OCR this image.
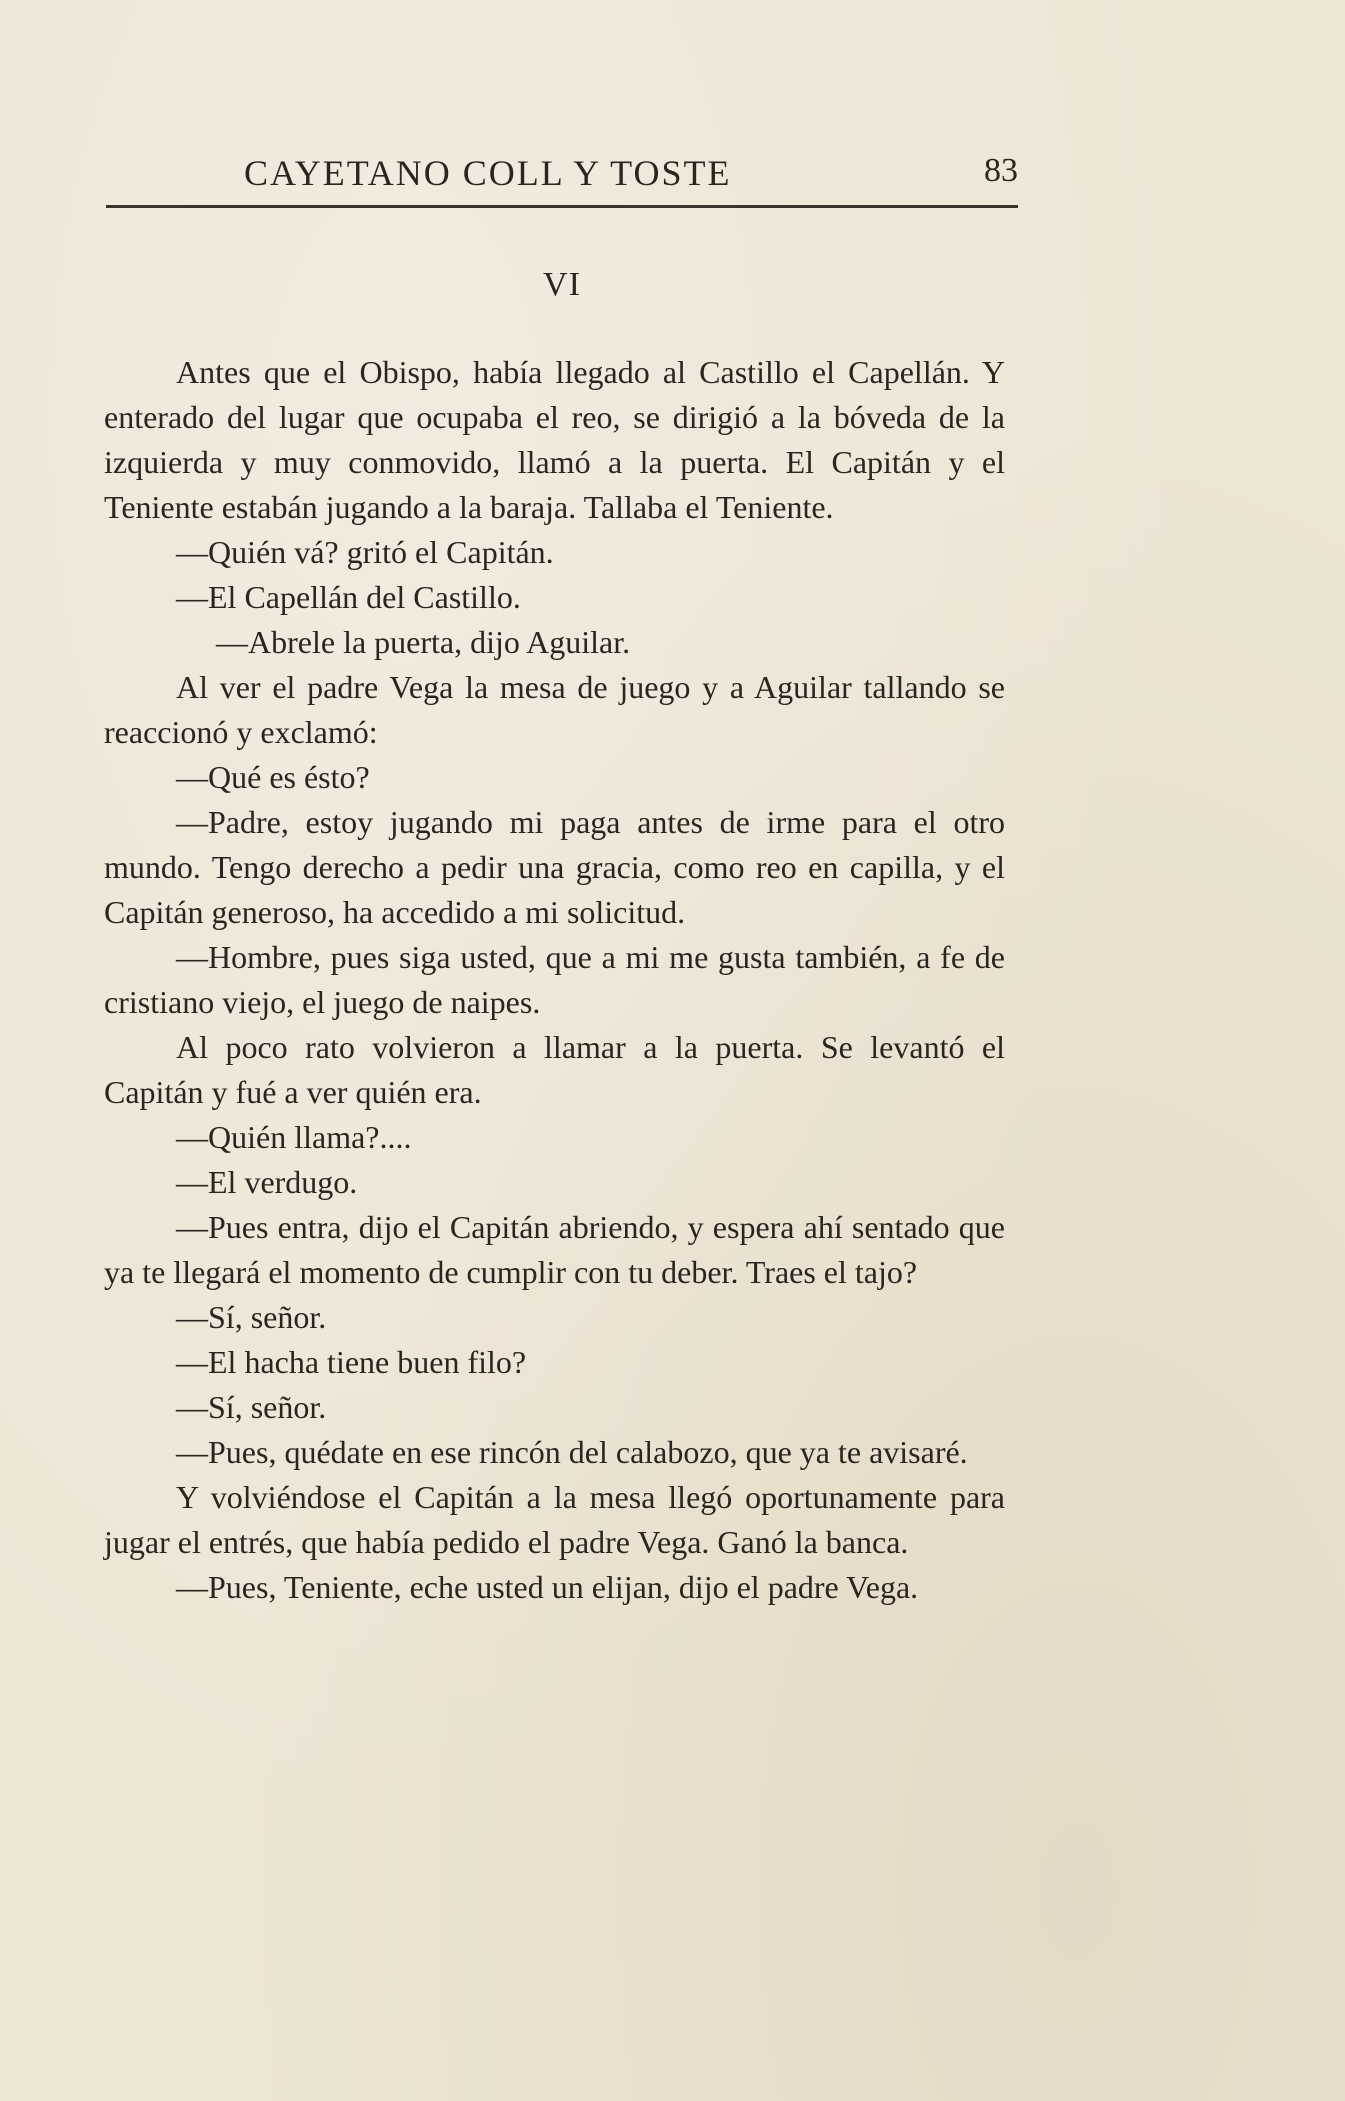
CAYETANO COLL Y TOSTE	83
VI

Antes que el Obispo, había llegado al Castillo el Capellán. Y enterado del lugar que ocupaba el reo, se dirigió a la bóveda de la izquierda y muy conmovido, llamó a la puerta. El Capitán y el Teniente estabán jugando a la baraja. Tallaba el Teniente.

—Quién vá? gritó el Capitán.

—El Capellán del Castillo.

—Abrele la puerta, dijo Aguilar.

Al ver el padre Vega la mesa de juego y a Aguilar tallando se reaccionó y exclamó:

—Qué es ésto?

—Padre, estoy jugando mi paga antes de irme para el otro mundo. Tengo derecho a pedir una gracia, como reo en capilla, y el Capitán generoso, ha accedido a mi solicitud.

—Hombre, pues siga usted, que a mi me gusta también, a fe de cristiano viejo, el juego de naipes.

Al poco rato volvieron a llamar a la puerta. Se levantó el Capitán y fué a ver quién era.

—Quién llama?....

—El verdugo.

—Pues entra, dijo el Capitán abriendo, y espera ahí sentado que ya te llegará el momento de cumplir con tu deber. Traes el tajo?

—Sí, señor.

—El hacha tiene buen filo?

—Sí, señor.

—Pues, quédate en ese rincón del calabozo, que ya te avisaré.

Y volviéndose el Capitán a la mesa llegó oportunamente para jugar el entrés, que había pedido el padre Vega. Ganó la banca.

—Pues, Teniente, eche usted un elijan, dijo el padre Vega.
